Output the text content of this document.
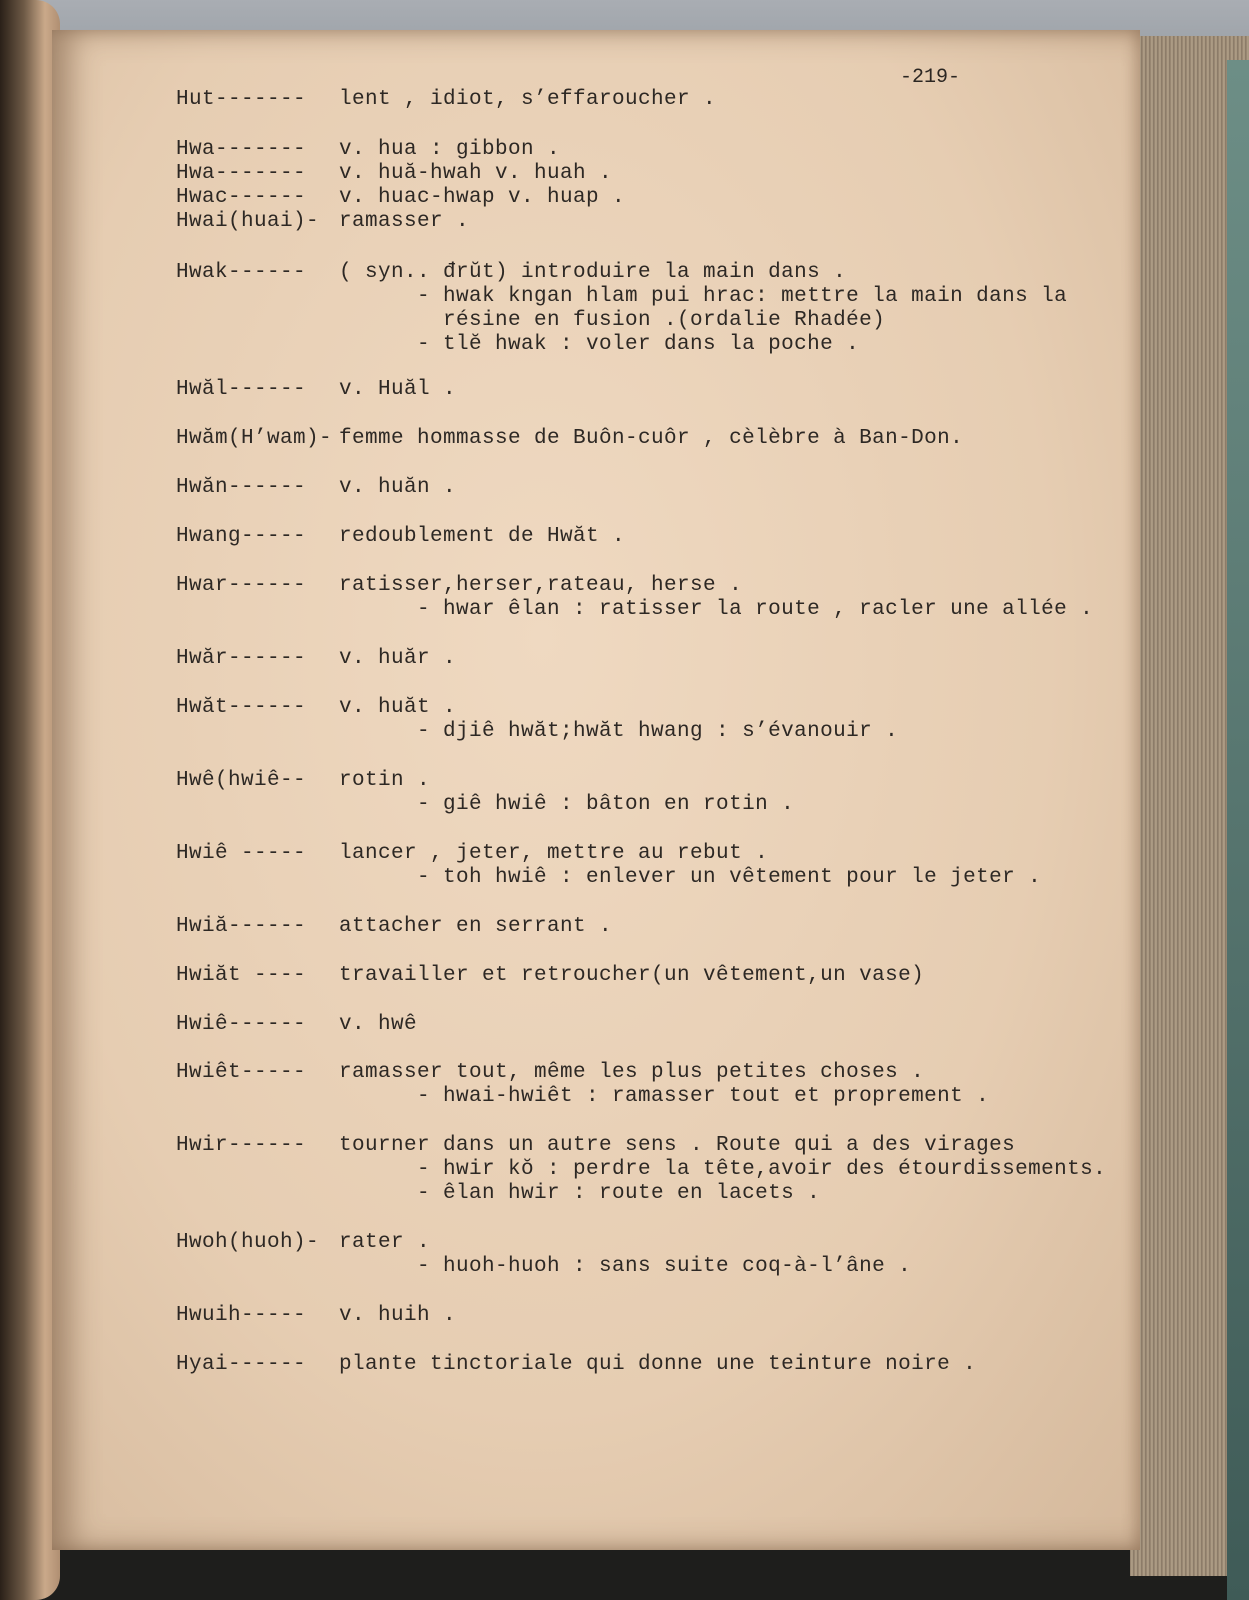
-219-

Hut------- lent , idiot, s’effaroucher .
Hwa------- v. hua : gibbon .
Hwa------- v. huă-hwah v. huah .
Hwac------ v. huac-hwap v. huap .
Hwai(huai)- ramasser .
Hwak------ ( syn.. đrŭt) introduire la main dans .
- hwak kngan hlam pui hrac: mettre la main dans la
résine en fusion .(ordalie Rhadée)
- tlĕ hwak : voler dans la poche .
Hwăl------ v. Huăl .
Hwăm(H’wam)-
femme hommasse de Buôn-cuôr , cèlèbre à Ban-Don.
Hwăn------ v. huăn .
Hwang----- redoublement de Hwăt .
Hwar------ ratisser,herser,rateau, herse .
- hwar êlan : ratisser la route , racler une allée .
Hwăr------ v. huăr .
Hwăt------ v. huăt .
- djiê hwăt;hwăt hwang : s’évanouir .
Hwê(hwiê-- rotin .
- giê hwiê : bâton en rotin .
Hwiê ----- lancer , jeter, mettre au rebut .
- toh hwiê : enlever un vêtement pour le jeter .
Hwiă------ attacher en serrant .
Hwiăt ---- travailler et retroucher(un vêtement,un vase)
Hwiê------ v. hwê
Hwiêt----- ramasser tout, même les plus petites choses .
- hwai-hwiêt : ramasser tout et proprement .
Hwir------ tourner dans un autre sens . Route qui a des virages
- hwir kŏ : perdre la tête,avoir des étourdissements.
- êlan hwir : route en lacets .
Hwoh(huoh)- rater .
- huoh-huoh : sans suite coq-à-l’âne .
Hwuih----- v. huih .
Hyai------ plante tinctoriale qui donne une teinture noire .
